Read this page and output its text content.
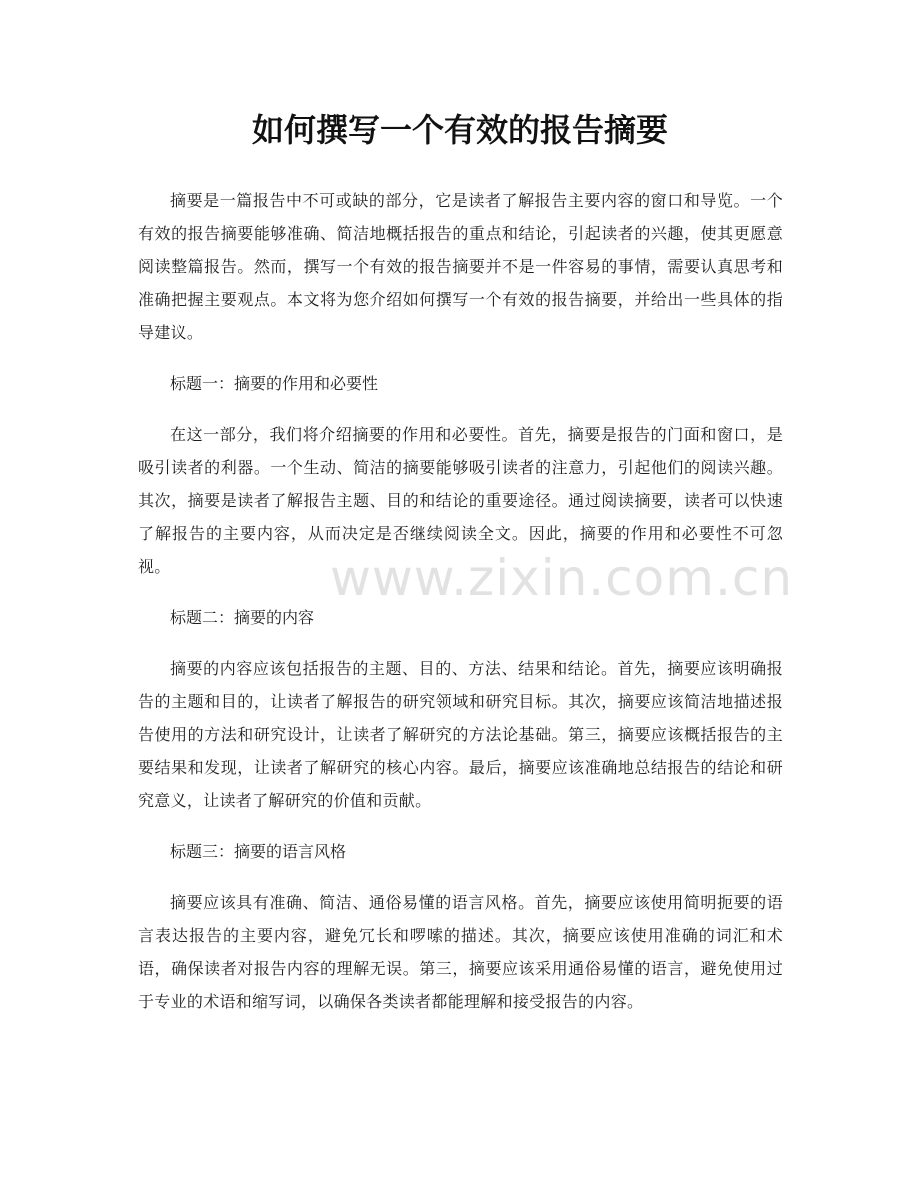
如何撰写一个有效的报告摘要

摘要是一篇报告中不可或缺的部分，它是读者了解报告主要内容的窗口和导览。一个有效的报告摘要能够准确、简洁地概括报告的重点和结论，引起读者的兴趣，使其更愿意阅读整篇报告。然而，撰写一个有效的报告摘要并不是一件容易的事情，需要认真思考和准确把握主要观点。本文将为您介绍如何撰写一个有效的报告摘要，并给出一些具体的指导建议。

标题一：摘要的作用和必要性

在这一部分，我们将介绍摘要的作用和必要性。首先，摘要是报告的门面和窗口，是吸引读者的利器。一个生动、简洁的摘要能够吸引读者的注意力，引起他们的阅读兴趣。其次，摘要是读者了解报告主题、目的和结论的重要途径。通过阅读摘要，读者可以快速了解报告的主要内容，从而决定是否继续阅读全文。因此，摘要的作用和必要性不可忽视。

标题二：摘要的内容

摘要的内容应该包括报告的主题、目的、方法、结果和结论。首先，摘要应该明确报告的主题和目的，让读者了解报告的研究领域和研究目标。其次，摘要应该简洁地描述报告使用的方法和研究设计，让读者了解研究的方法论基础。第三，摘要应该概括报告的主要结果和发现，让读者了解研究的核心内容。最后，摘要应该准确地总结报告的结论和研究意义，让读者了解研究的价值和贡献。

标题三：摘要的语言风格

摘要应该具有准确、简洁、通俗易懂的语言风格。首先，摘要应该使用简明扼要的语言表达报告的主要内容，避免冗长和啰嗦的描述。其次，摘要应该使用准确的词汇和术语，确保读者对报告内容的理解无误。第三，摘要应该采用通俗易懂的语言，避免使用过于专业的术语和缩写词，以确保各类读者都能理解和接受报告的内容。

www.zixin.com.cn
